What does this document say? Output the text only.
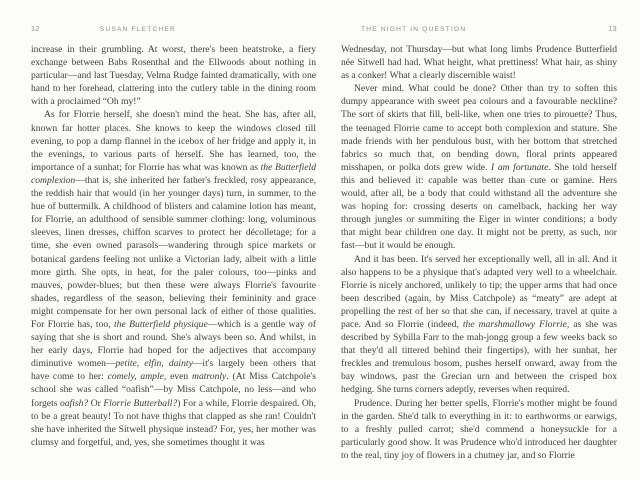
12	SUSAN FLETCHER

increase in their grumbling. At worst, there's been heatstroke, a fiery exchange between Babs Rosenthal and the Ellwoods about nothing in particular—and last Tuesday, Velma Rudge fainted dramatically, with one hand to her forehead, clattering into the cutlery table in the dining room with a proclaimed “Oh my!”

As for Florrie herself, she doesn't mind the heat. She has, after all, known far hotter places. She knows to keep the windows closed till evening, to pop a damp flannel in the icebox of her fridge and apply it, in the evenings, to various parts of herself. She has learned, too, the importance of a sunhat; for Florrie has what was known as the Butterfield complexion—that is, she inherited her father's freckled, rosy appearance, the reddish hair that would (in her younger days) turn, in summer, to the hue of buttermilk. A childhood of blisters and calamine lotion has meant, for Florrie, an adulthood of sensible summer clothing: long, voluminous sleeves, linen dresses, chiffon scarves to protect her décolletage; for a time, she even owned parasols—wandering through spice markets or botanical gardens feeling not unlike a Victorian lady, albeit with a little more girth. She opts, in heat, for the paler colours, too—pinks and mauves, powder-blues; but then these were always Florrie's favourite shades, regardless of the season, believing their femininity and grace might compensate for her own personal lack of either of those qualities. For Florrie has, too, the Butterfield physique—which is a gentle way of saying that she is short and round. She's always been so. And whilst, in her early days, Florrie had hoped for the adjectives that accompany diminutive women—petite, elfin, dainty—it's largely been others that have come to her: comely, ample, even matronly. (At Miss Catchpole's school she was called “oafish”—by Miss Catchpole, no less—and who forgets oafish? Or Florrie Butterball?) For a while, Florrie despaired. Oh, to be a great beauty! To not have thighs that clapped as she ran! Couldn't she have inherited the Sitwell physique instead? For, yes, her mother was clumsy and forgetful, and, yes, she sometimes thought it was

THE NIGHT IN QUESTION	13

Wednesday, not Thursday—but what long limbs Prudence Butterfield née Sitwell had had. What height, what prettiness! What hair, as shiny as a conker! What a clearly discernible waist!

Never mind. What could be done? Other than try to soften this dumpy appearance with sweet pea colours and a favourable neckline? The sort of skirts that fill, bell-like, when one tries to pirouette? Thus, the teenaged Florrie came to accept both complexion and stature. She made friends with her pendulous bust, with her bottom that stretched fabrics so much that, on bending down, floral prints appeared misshapen, or polka dots grew wide. I am fortunate. She told herself this and believed it: capable was better than cute or gamine. Hers would, after all, be a body that could withstand all the adventure she was hoping for: crossing deserts on camelback, hacking her way through jungles or summiting the Eiger in winter conditions; a body that might bear children one day. It might not be pretty, as such, nor fast—but it would be enough.

And it has been. It's served her exceptionally well, all in all. And it also happens to be a physique that's adapted very well to a wheelchair. Florrie is nicely anchored, unlikely to tip; the upper arms that had once been described (again, by Miss Catchpole) as “meaty” are adept at propelling the rest of her so that she can, if necessary, travel at quite a pace. And so Florrie (indeed, the marshmallowy Florrie, as she was described by Sybilla Farr to the mah-jongg group a few weeks back so that they'd all tittered behind their fingertips), with her sunhat, her freckles and tremulous bosom, pushes herself onward, away from the bay windows, past the Grecian urn and between the crisped box hedging. She turns corners adeptly, reverses when required.

Prudence. During her better spells, Florrie's mother might be found in the garden. She'd talk to everything in it: to earthworms or earwigs, to a freshly pulled carrot; she'd commend a honeysuckle for a particularly good show. It was Prudence who'd introduced her daughter to the real, tiny joy of flowers in a chutney jar, and so Florrie
